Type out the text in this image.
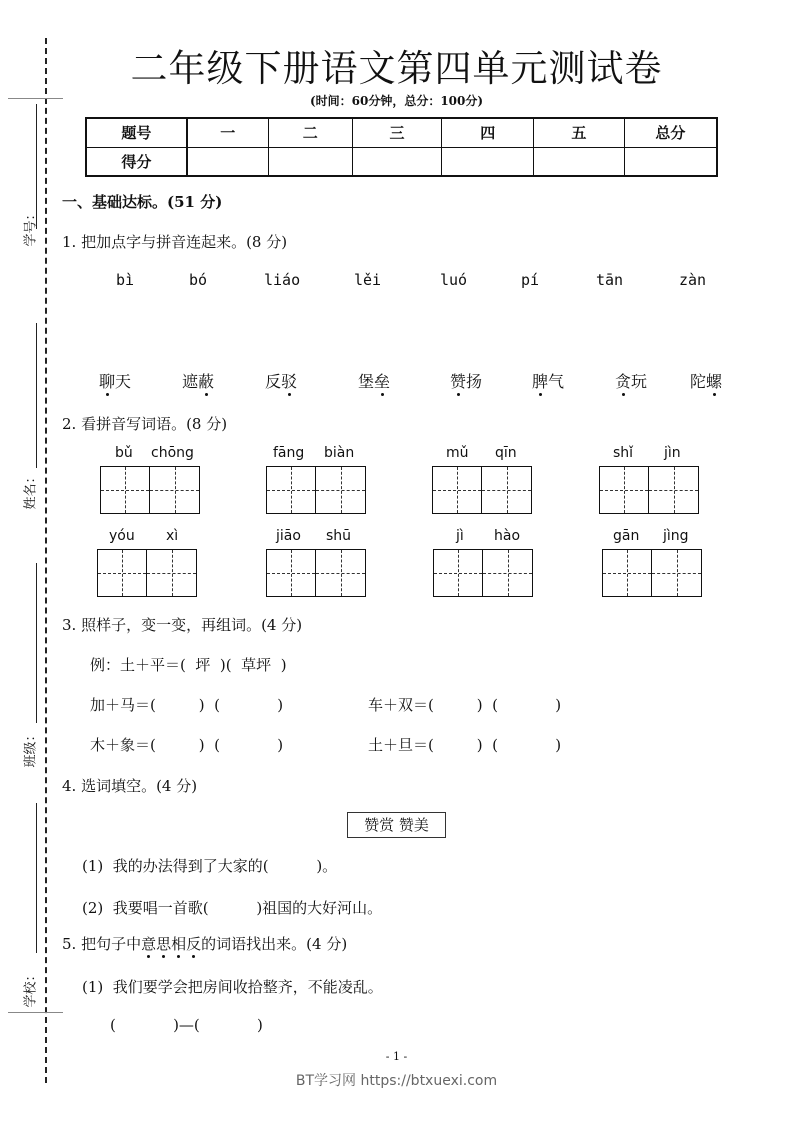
学号：
姓名：
班级：
学校：
二年级下册语文第四单元测试卷
(时间：60分钟，总分：100分)
题号	一	二	三	四	五	总分
得分						
一、基础达标。(51 分)
1. 把加点字与拼音连起来。(8 分)
bì	bó	liáo	lěi	luó	pí	tān	zàn
聊天	遮蔽	反驳	堡垒	赞扬	脾气	贪玩	陀螺
2. 看拼音写词语。(8 分)
bǔ chōng	fāng biàn	mǔ qīn	shǐ jìn
yóu xì	jiāo shū	jì hào	gān jìng
3. 照样子，变一变，再组词。(4 分)
例：土＋平＝(  坪  )(  草坪  )
加＋马＝(         )  (            )	车＋双＝(         )  (            )
木＋象＝(         )  (            )	土＋旦＝(         )  (            )
4. 选词填空。(4 分)
赞赏 赞美
(1)  我的办法得到了大家的(          )。
(2)  我要唱一首歌(          )祖国的大好河山。
5. 把句子中意思相反的词语找出来。(4 分)
(1)  我们要学会把房间收拾整齐，不能凌乱。
(            )—(            )
- 1 -
BT学习网 https://btxuexi.com
